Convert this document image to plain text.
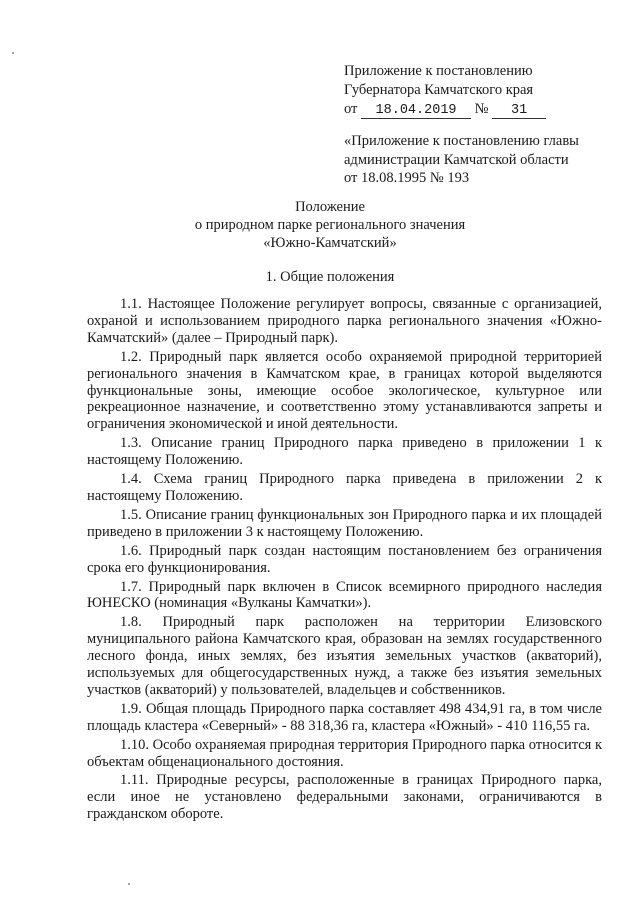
Приложение к постановлению
Губернатора Камчатского края
от 18.04.2019 № 31
«Приложение к постановлению главы
администрации Камчатской области
от 18.08.1995 № 193
Положение
о природном парке регионального значения
«Южно-Камчатский»
1. Общие положения

1.1. Настоящее Положение регулирует вопросы, связанные с организацией, охраной и использованием природного парка регионального значения «Южно-Камчатский» (далее – Природный парк).

1.2. Природный парк является особо охраняемой природной территорией регионального значения в Камчатском крае, в границах которой выделяются функциональные зоны, имеющие особое экологическое, культурное или рекреационное назначение, и соответственно этому устанавливаются запреты и ограничения экономической и иной деятельности.

1.3. Описание границ Природного парка приведено в приложении 1 к настоящему Положению.

1.4. Схема границ Природного парка приведена в приложении 2 к настоящему Положению.

1.5. Описание границ функциональных зон Природного парка и их площадей приведено в приложении 3 к настоящему Положению.

1.6. Природный парк создан настоящим постановлением без ограничения срока его функционирования.

1.7. Природный парк включен в Список всемирного природного наследия ЮНЕСКО (номинация «Вулканы Камчатки»).

1.8. Природный парк расположен на территории Елизовского муниципального района Камчатского края, образован на землях государственного лесного фонда, иных землях, без изъятия земельных участков (акваторий), используемых для общегосударственных нужд, а также без изъятия земельных участков (акваторий) у пользователей, владельцев и собственников.

1.9. Общая площадь Природного парка составляет 498 434,91 га, в том числе площадь кластера «Северный» - 88 318,36 га, кластера «Южный» - 410 116,55 га.

1.10. Особо охраняемая природная территория Природного парка относится к объектам общенационального достояния.

1.11. Природные ресурсы, расположенные в границах Природного парка, если иное не установлено федеральными законами, ограничиваются в гражданском обороте.
